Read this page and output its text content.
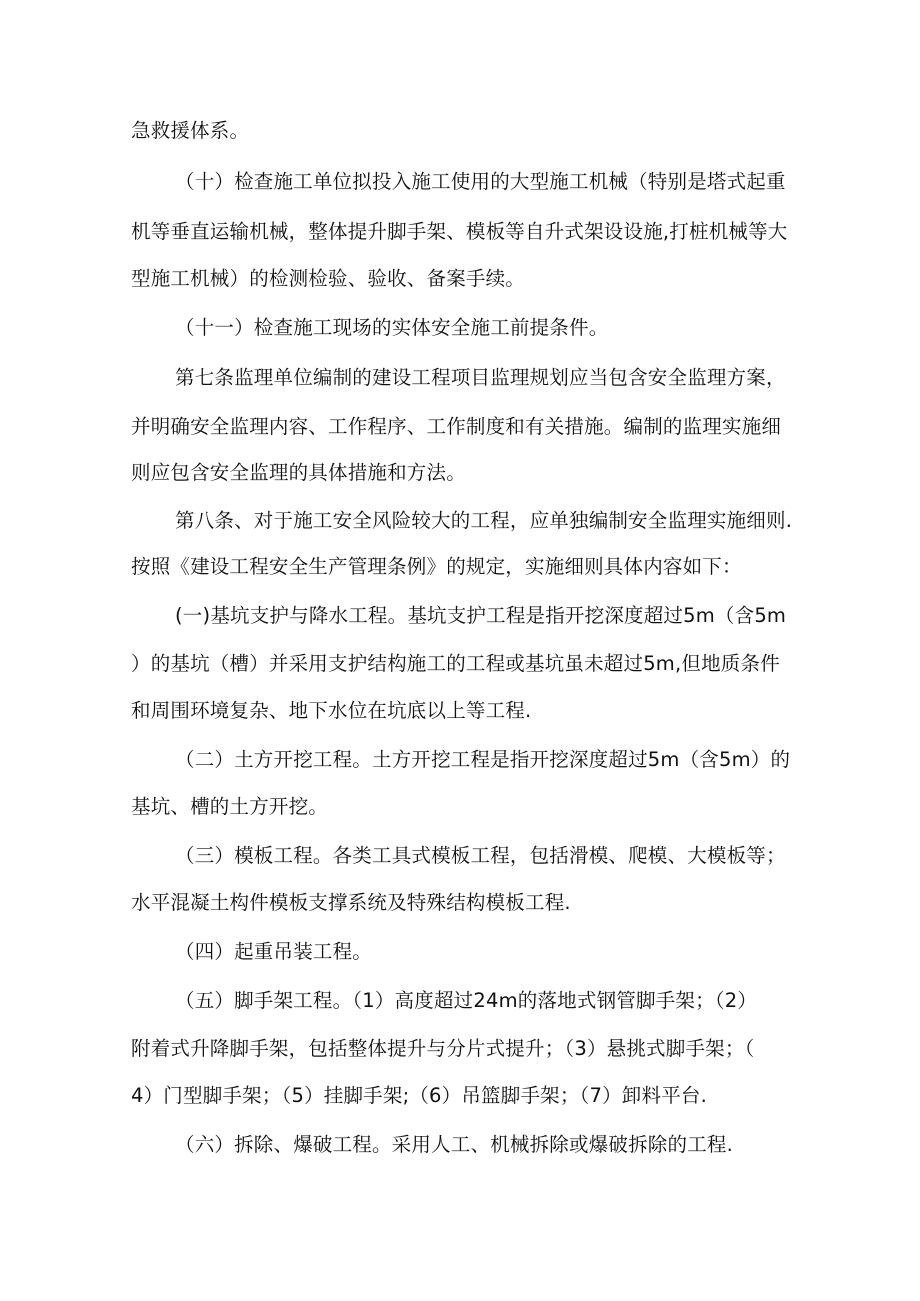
急救援体系。
（十）检查施工单位拟投入施工使用的大型施工机械（特别是塔式起重
机等垂直运输机械，整体提升脚手架、模板等自升式架设设施,打桩机械等大
型施工机械）的检测检验、验收、备案手续。
（十一）检查施工现场的实体安全施工前提条件。
第七条监理单位编制的建设工程项目监理规划应当包含安全监理方案，
并明确安全监理内容、工作程序、工作制度和有关措施。编制的监理实施细
则应包含安全监理的具体措施和方法。
第八条、对于施工安全风险较大的工程，应单独编制安全监理实施细则.
按照《建设工程安全生产管理条例》的规定，实施细则具体内容如下：
(一)基坑支护与降水工程。基坑支护工程是指开挖深度超过5m（含5m
）的基坑（槽）并采用支护结构施工的工程或基坑虽未超过5m,但地质条件
和周围环境复杂、地下水位在坑底以上等工程.
（二）土方开挖工程。土方开挖工程是指开挖深度超过5m（含5m）的
基坑、槽的土方开挖。
（三）模板工程。各类工具式模板工程，包括滑模、爬模、大模板等；
水平混凝土构件模板支撑系统及特殊结构模板工程.
（四）起重吊装工程。
（五）脚手架工程。（1）高度超过24m的落地式钢管脚手架；（2）
附着式升降脚手架，包括整体提升与分片式提升；（3）悬挑式脚手架；（
4）门型脚手架；（5）挂脚手架;（6）吊篮脚手架；（7）卸料平台.
（六）拆除、爆破工程。采用人工、机械拆除或爆破拆除的工程.
